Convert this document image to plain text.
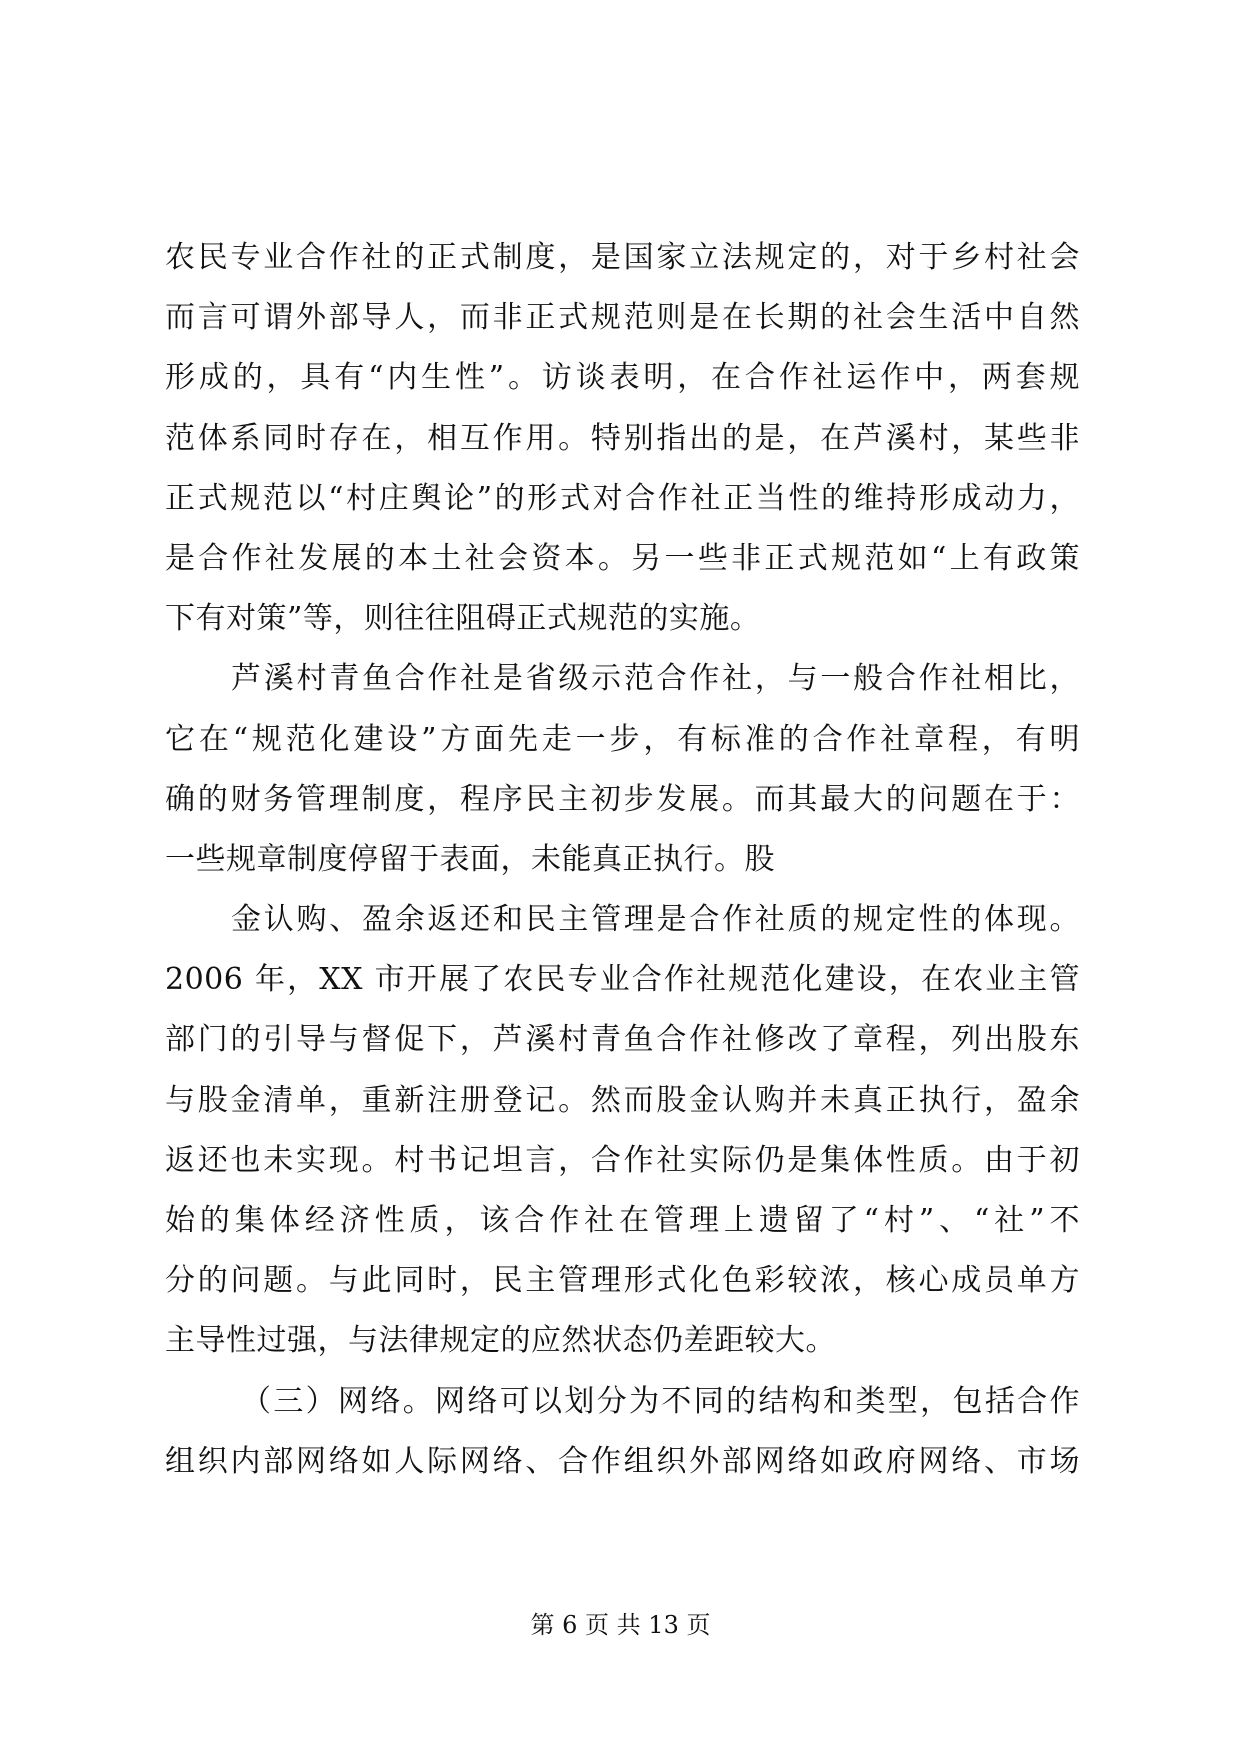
农民专业合作社的正式制度，是国家立法规定的，对于乡村社会
而言可谓外部导人，而非正式规范则是在长期的社会生活中自然
形成的，具有“内生性”。访谈表明，在合作社运作中，两套规
范体系同时存在，相互作用。特别指出的是，在芦溪村，某些非
正式规范以“村庄舆论”的形式对合作社正当性的维持形成动力，
是合作社发展的本土社会资本。另一些非正式规范如“上有政策
下有对策”等，则往往阻碍正式规范的实施。
芦溪村青鱼合作社是省级示范合作社，与一般合作社相比，
它在“规范化建设”方面先走一步，有标准的合作社章程，有明
确的财务管理制度，程序民主初步发展。而其最大的问题在于：
一些规章制度停留于表面，未能真正执行。股
金认购、盈余返还和民主管理是合作社质的规定性的体现。
2006 年，XX 市开展了农民专业合作社规范化建设，在农业主管
部门的引导与督促下，芦溪村青鱼合作社修改了章程，列出股东
与股金清单，重新注册登记。然而股金认购并未真正执行，盈余
返还也未实现。村书记坦言，合作社实际仍是集体性质。由于初
始的集体经济性质，该合作社在管理上遗留了“村”、“社”不
分的问题。与此同时，民主管理形式化色彩较浓，核心成员单方
主导性过强，与法律规定的应然状态仍差距较大。
（三）网络。网络可以划分为不同的结构和类型，包括合作
组织内部网络如人际网络、合作组织外部网络如政府网络、市场
第 6 页 共 13 页
